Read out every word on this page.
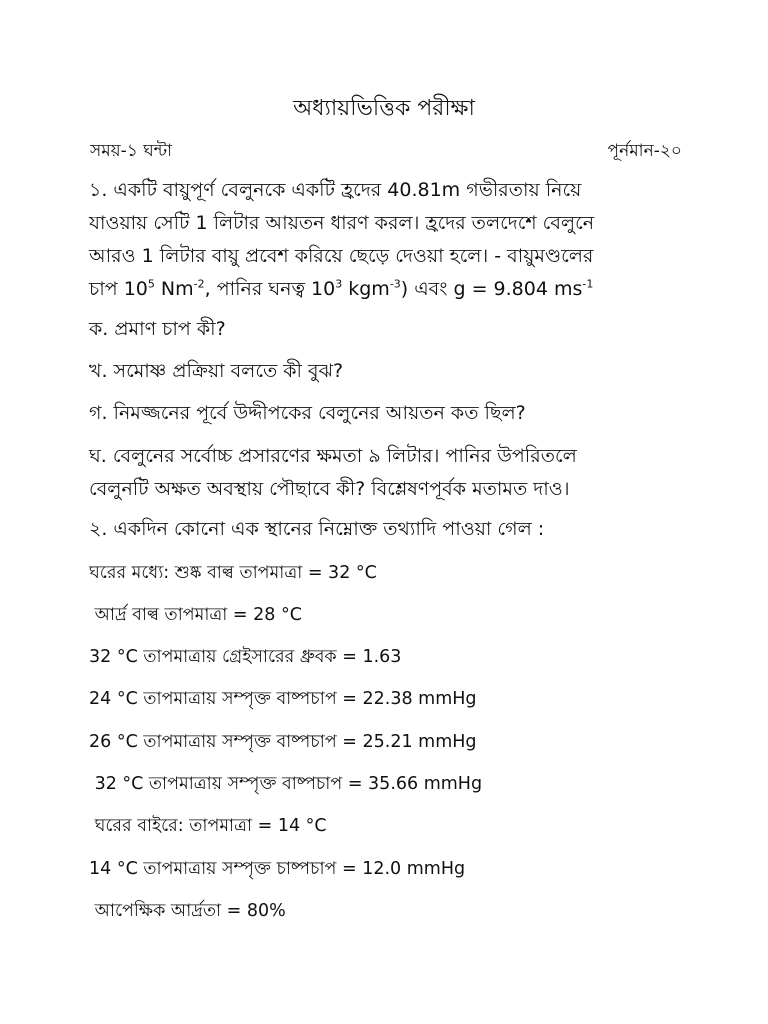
অধ্যায়ভিত্তিক পরীক্ষা
সময়-১ ঘন্টা	পূর্নমান-২০
১. একটি বায়ুপূর্ণ বেলুনকে একটি হ্রদের 40.81m গভীরতায় নিয়ে
যাওয়ায় সেটি 1 লিটার আয়তন ধারণ করল। হ্রদের তলদেশে বেলুনে
আরও 1 লিটার বায়ু প্রবেশ করিয়ে ছেড়ে দেওয়া হলে। - বায়ুমণ্ডলের
চাপ $10^5$ $Nm^{-2}$, পানির ঘনত্ব $10^3$ kgm$^{-3}$) এবং g = 9.804 $ms^{-1}$
ক. প্রমাণ চাপ কী?
খ. সমোষ্ণ প্রক্রিয়া বলতে কী বুঝ?
গ. নিমজ্জনের পূর্বে উদ্দীপকের বেলুনের আয়তন কত ছিল?
ঘ. বেলুনের সর্বোচ্চ প্রসারণের ক্ষমতা ৯ লিটার। পানির উপরিতলে
বেলুনটি অক্ষত অবস্থায় পৌছাবে কী? বিশ্লেষণপূর্বক মতামত দাও।
২. একদিন কোনো এক স্থানের নিম্নোক্ত তথ্যাদি পাওয়া গেল :
ঘরের মধ্যে: শুষ্ক বাল্ব তাপমাত্রা = 32 °C
আর্দ্র বাল্ব তাপমাত্রা = 28 °C
32 °C তাপমাত্রায় গ্রেইসারের ধ্রুবক = 1.63
24 °C তাপমাত্রায় সম্পৃক্ত বাষ্পচাপ = 22.38 mmHg
26 °C তাপমাত্রায় সম্পৃক্ত বাষ্পচাপ = 25.21 mmHg
32 °C তাপমাত্রায় সম্পৃক্ত বাষ্পচাপ = 35.66 mmHg
ঘরের বাইরে: তাপমাত্রা = 14 °C
14 °C তাপমাত্রায় সম্পৃক্ত চাষ্পচাপ = 12.0 mmHg
আপেক্ষিক আর্দ্রতা = 80%
